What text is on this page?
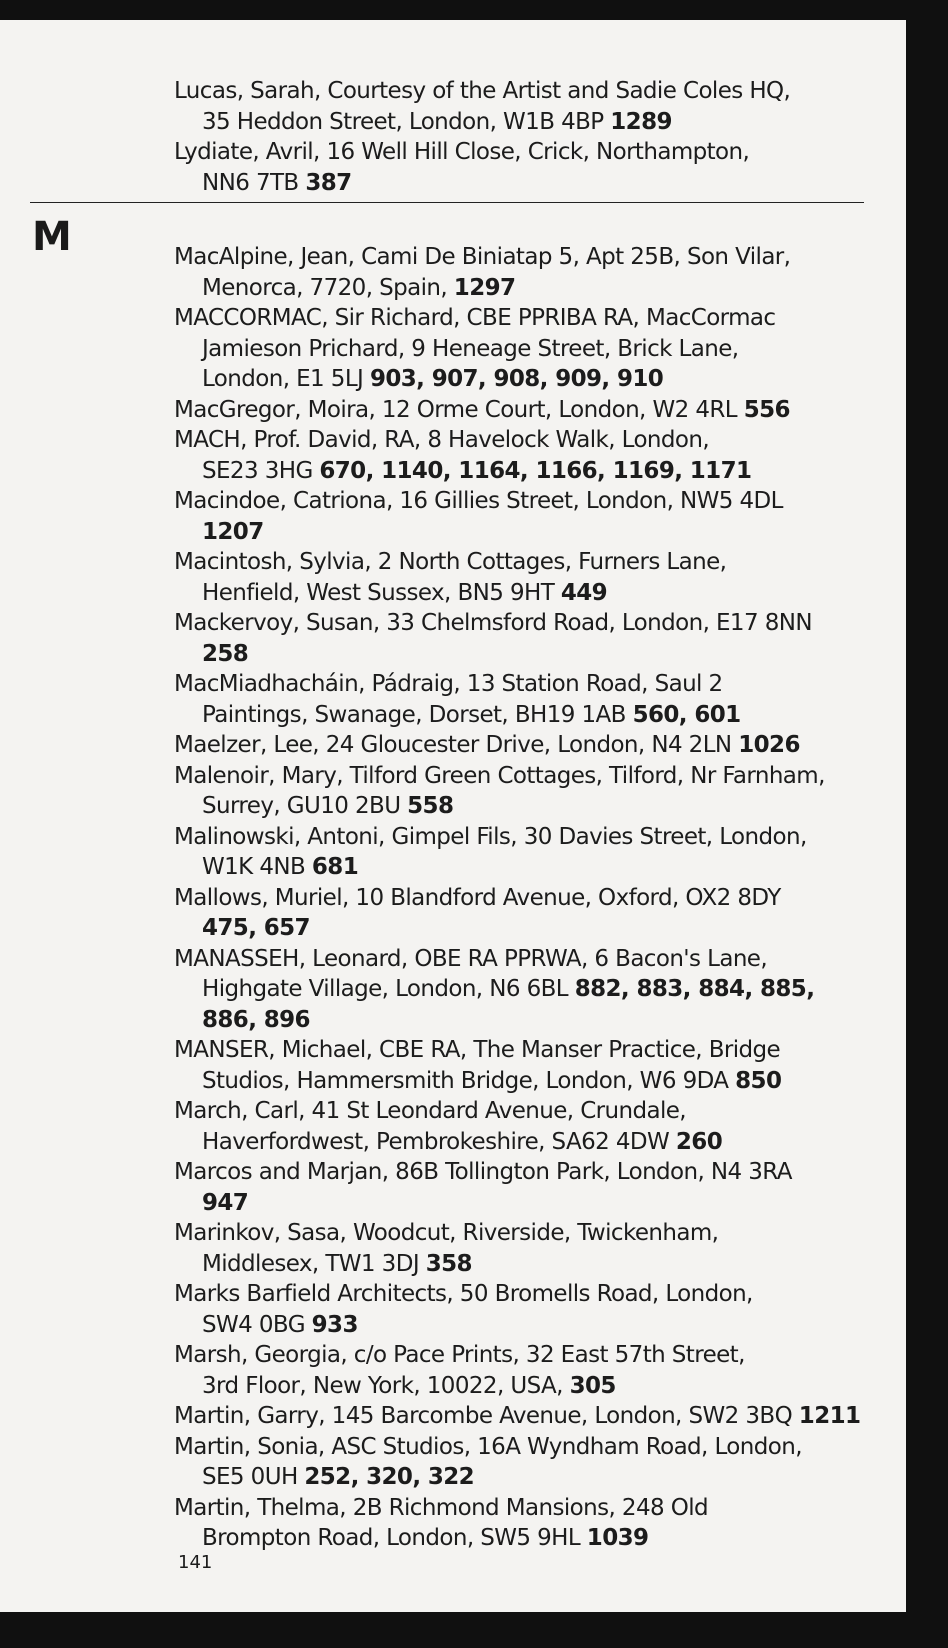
Lucas, Sarah, Courtesy of the Artist and Sadie Coles HQ,
35 Heddon Street, London, W1B 4BP 1289
Lydiate, Avril, 16 Well Hill Close, Crick, Northampton,
NN6 7TB 387
MacAlpine, Jean, Cami De Biniatap 5, Apt 25B, Son Vilar,
Menorca, 7720, Spain, 1297
MACCORMAC, Sir Richard, CBE PPRIBA RA, MacCormac
Jamieson Prichard, 9 Heneage Street, Brick Lane,
London, E1 5LJ 903, 907, 908, 909, 910
MacGregor, Moira, 12 Orme Court, London, W2 4RL 556
MACH, Prof. David, RA, 8 Havelock Walk, London,
SE23 3HG 670, 1140, 1164, 1166, 1169, 1171
Macindoe, Catriona, 16 Gillies Street, London, NW5 4DL
1207
Macintosh, Sylvia, 2 North Cottages, Furners Lane,
Henfield, West Sussex, BN5 9HT 449
Mackervoy, Susan, 33 Chelmsford Road, London, E17 8NN
258
MacMiadhacháin, Pádraig, 13 Station Road, Saul 2
Paintings, Swanage, Dorset, BH19 1AB 560, 601
Maelzer, Lee, 24 Gloucester Drive, London, N4 2LN 1026
Malenoir, Mary, Tilford Green Cottages, Tilford, Nr Farnham,
Surrey, GU10 2BU 558
Malinowski, Antoni, Gimpel Fils, 30 Davies Street, London,
W1K 4NB 681
Mallows, Muriel, 10 Blandford Avenue, Oxford, OX2 8DY
475, 657
MANASSEH, Leonard, OBE RA PPRWA, 6 Bacon's Lane,
Highgate Village, London, N6 6BL 882, 883, 884, 885,
886, 896
MANSER, Michael, CBE RA, The Manser Practice, Bridge
Studios, Hammersmith Bridge, London, W6 9DA 850
March, Carl, 41 St Leondard Avenue, Crundale,
Haverfordwest, Pembrokeshire, SA62 4DW 260
Marcos and Marjan, 86B Tollington Park, London, N4 3RA
947
Marinkov, Sasa, Woodcut, Riverside, Twickenham,
Middlesex, TW1 3DJ 358
Marks Barfield Architects, 50 Bromells Road, London,
SW4 0BG 933
Marsh, Georgia, c/o Pace Prints, 32 East 57th Street,
3rd Floor, New York, 10022, USA, 305
Martin, Garry, 145 Barcombe Avenue, London, SW2 3BQ 1211
Martin, Sonia, ASC Studios, 16A Wyndham Road, London,
SE5 0UH 252, 320, 322
Martin, Thelma, 2B Richmond Mansions, 248 Old
Brompton Road, London, SW5 9HL 1039
M
141
